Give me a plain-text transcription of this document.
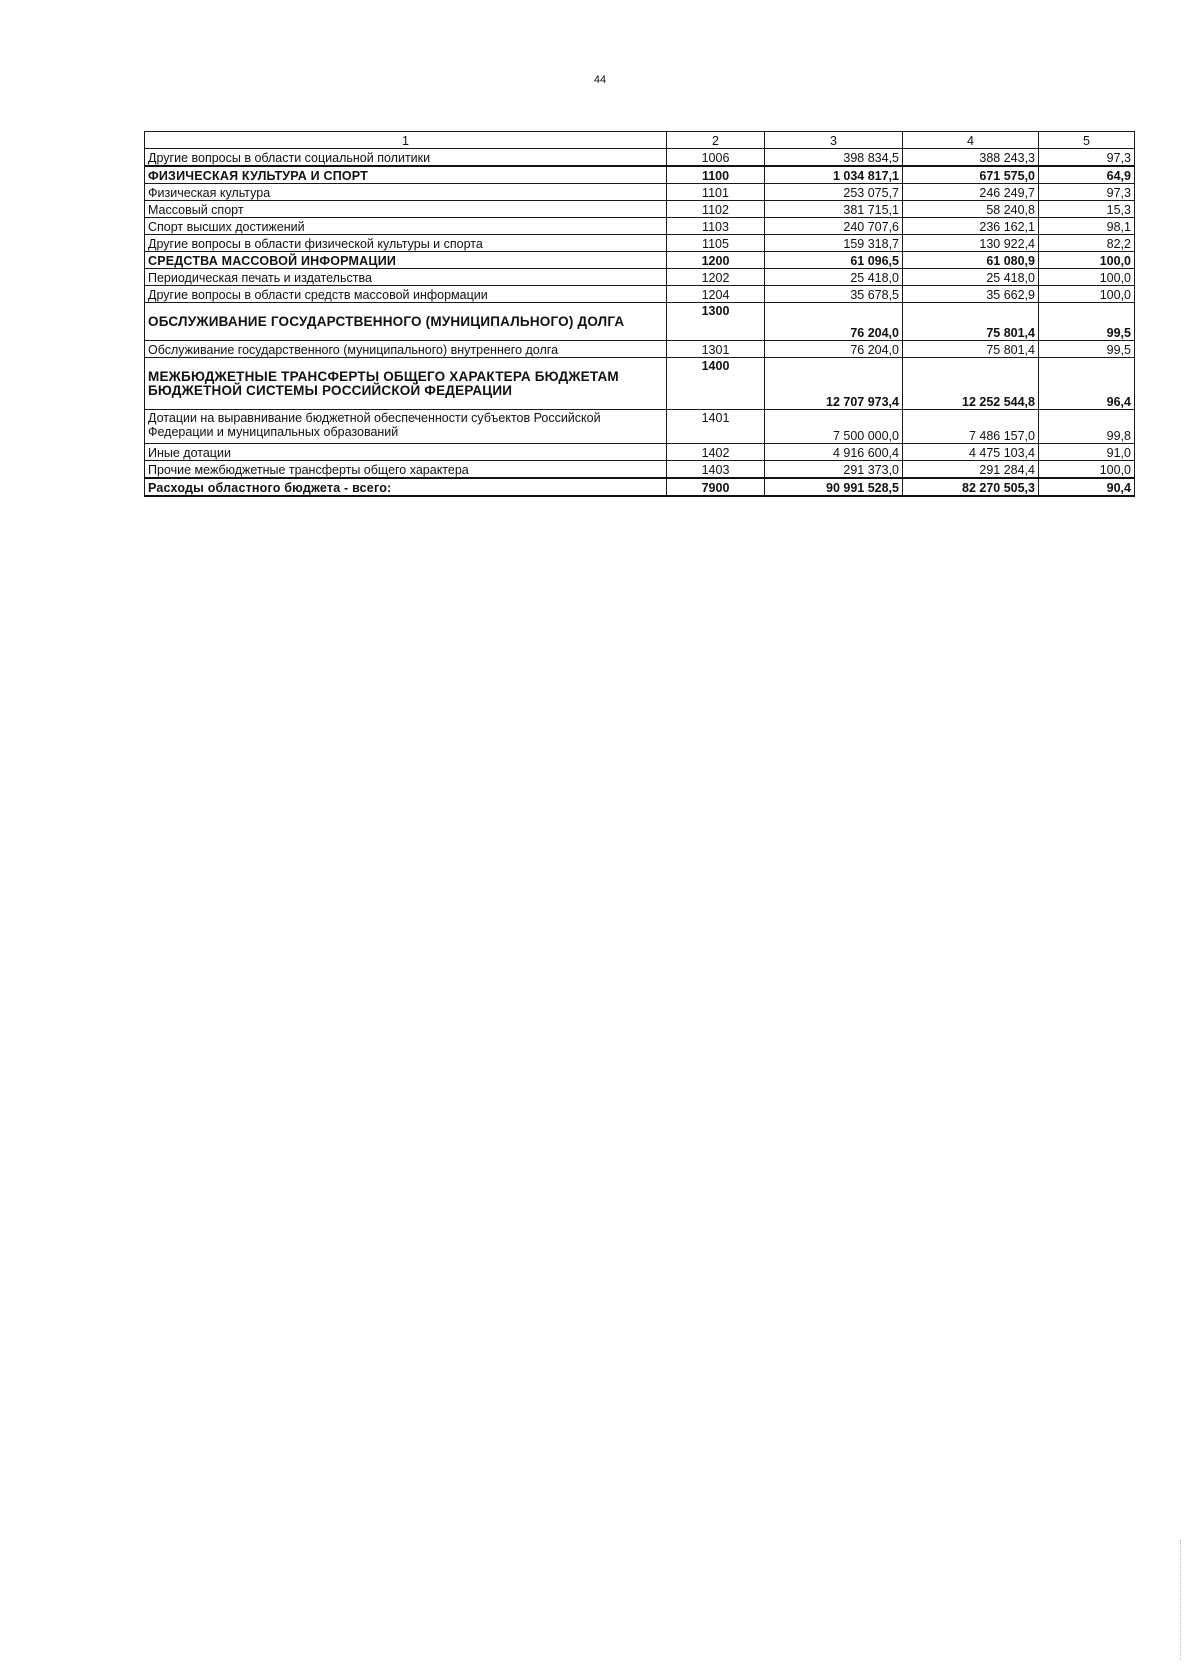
44
1	2	3	4	5
Другие вопросы в области социальной политики	1006	398 834,5	388 243,3	97,3
ФИЗИЧЕСКАЯ КУЛЬТУРА И СПОРТ	1100	1 034 817,1	671 575,0	64,9
Физическая культура	1101	253 075,7	246 249,7	97,3
Массовый спорт	1102	381 715,1	58 240,8	15,3
Спорт высших достижений	1103	240 707,6	236 162,1	98,1
Другие вопросы в области физической культуры и спорта	1105	159 318,7	130 922,4	82,2
СРЕДСТВА МАССОВОЙ ИНФОРМАЦИИ	1200	61 096,5	61 080,9	100,0
Периодическая печать и издательства	1202	25 418,0	25 418,0	100,0
Другие вопросы в области средств массовой информации	1204	35 678,5	35 662,9	100,0
ОБСЛУЖИВАНИЕ ГОСУДАРСТВЕННОГО (МУНИЦИПАЛЬНОГО) ДОЛГА	1300	76 204,0	75 801,4	99,5
Обслуживание государственного (муниципального) внутреннего долга	1301	76 204,0	75 801,4	99,5
МЕЖБЮДЖЕТНЫЕ ТРАНСФЕРТЫ ОБЩЕГО ХАРАКТЕРА БЮДЖЕТАМ БЮДЖЕТНОЙ СИСТЕМЫ РОССИЙСКОЙ ФЕДЕРАЦИИ	1400	12 707 973,4	12 252 544,8	96,4
Дотации на выравнивание бюджетной обеспеченности субъектов Российской Федерации и муниципальных образований	1401	7 500 000,0	7 486 157,0	99,8
Иные дотации	1402	4 916 600,4	4 475 103,4	91,0
Прочие межбюджетные трансферты общего характера	1403	291 373,0	291 284,4	100,0
Расходы областного бюджета - всего:	7900	90 991 528,5	82 270 505,3	90,4
